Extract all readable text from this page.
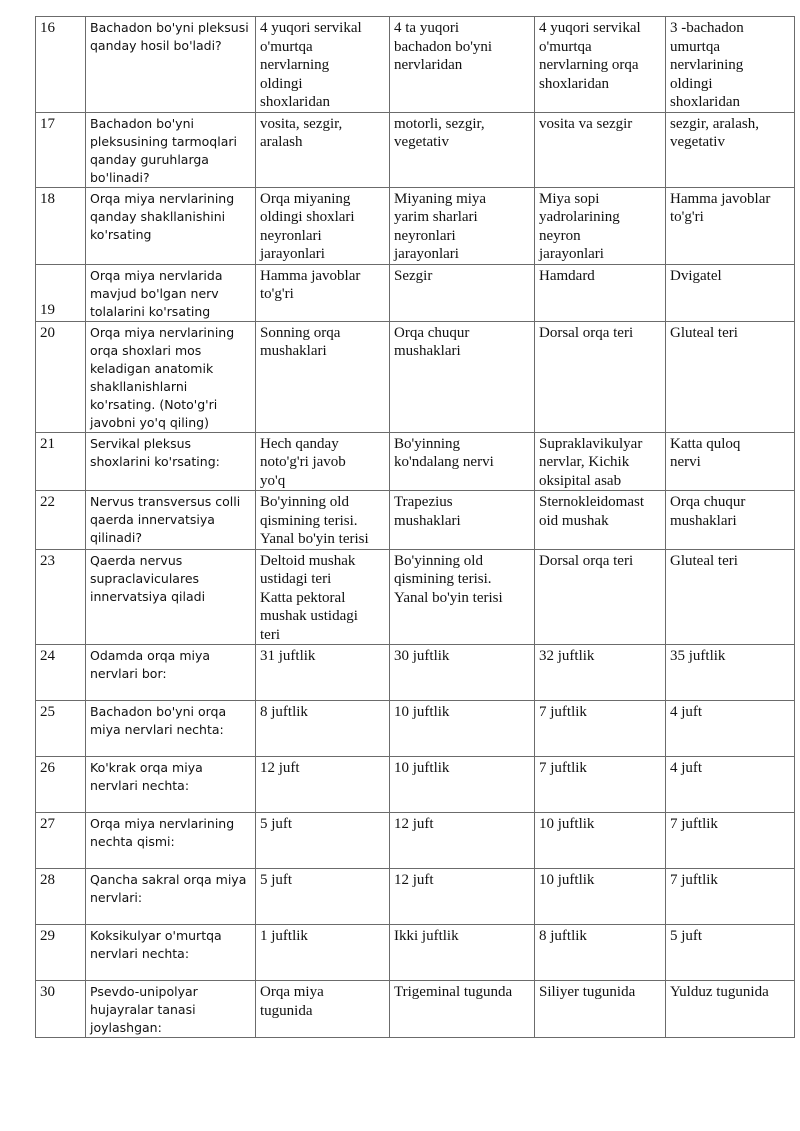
16	Bachadon bo'yni pleksusi qanday hosil bo'ladi?	4 yuqori servikal
o'murtqa
nervlarning
oldingi
shoxlaridan	4 ta yuqori
bachadon bo'yni
nervlaridan	4 yuqori servikal
o'murtqa
nervlarning orqa
shoxlaridan	3 -bachadon
umurtqa
nervlarining
oldingi
shoxlaridan

17	Bachadon bo'yni pleksusining tarmoqlari qanday guruhlarga bo'linadi?	vosita, sezgir,
aralash	motorli, sezgir,
vegetativ	vosita va sezgir	sezgir, aralash,
vegetativ

18	Orqa miya nervlarining qanday shakllanishini ko'rsating	Orqa miyaning
oldingi shoxlari
neyronlari
jarayonlari	Miyaning miya
yarim sharlari
neyronlari
jarayonlari	Miya sopi
yadrolarining
neyron
jarayonlari	Hamma javoblar
to'g'ri

19	Orqa miya nervlarida mavjud bo'lgan nerv tolalarini ko'rsating	Hamma javoblar
to'g'ri	Sezgir	Hamdard	Dvigatel

20	Orqa miya nervlarining orqa shoxlari mos keladigan anatomik shakllanishlarni ko'rsating. (Noto'g'ri javobni yo'q qiling)	Sonning orqa
mushaklari	Orqa chuqur
mushaklari	Dorsal orqa teri	Gluteal teri

21	Servikal pleksus shoxlarini ko'rsating:	Hech qanday
noto'g'ri javob
yo'q	Bo'yinning
ko'ndalang nervi	Supraklavikulyar
nervlar, Kichik
oksipital asab	Katta quloq
nervi

22	Nervus transversus colli qaerda innervatsiya qilinadi?	Bo'yinning old
qismining terisi.
Yanal bo'yin terisi	Trapezius
mushaklari	Sternokleidomast
oid mushak	Orqa chuqur
mushaklari

23	Qaerda nervus supraclaviculares innervatsiya qiladi	Deltoid mushak
ustidagi teri
Katta pektoral
mushak ustidagi
teri	Bo'yinning old
qismining terisi.
Yanal bo'yin terisi	Dorsal orqa teri	Gluteal teri

24	Odamda orqa miya nervlari bor:	31 juftlik	30 juftlik	32 juftlik	35 juftlik

25	Bachadon bo'yni orqa miya nervlari nechta:	8 juftlik	10 juftlik	7 juftlik	4 juft

26	Ko'krak orqa miya nervlari nechta:	12 juft	10 juftlik	7 juftlik	4 juft

27	Orqa miya nervlarining nechta qismi:	5 juft	12 juft	10 juftlik	7 juftlik

28	Qancha sakral orqa miya nervlari:	5 juft	12 juft	10 juftlik	7 juftlik

29	Koksikulyar o'murtqa nervlari nechta:	1 juftlik	Ikki juftlik	8 juftlik	5 juft

30	Psevdo-unipolyar hujayralar tanasi joylashgan:	Orqa miya
tugunida	Trigeminal tugunda	Siliyer tugunida	Yulduz tugunida
